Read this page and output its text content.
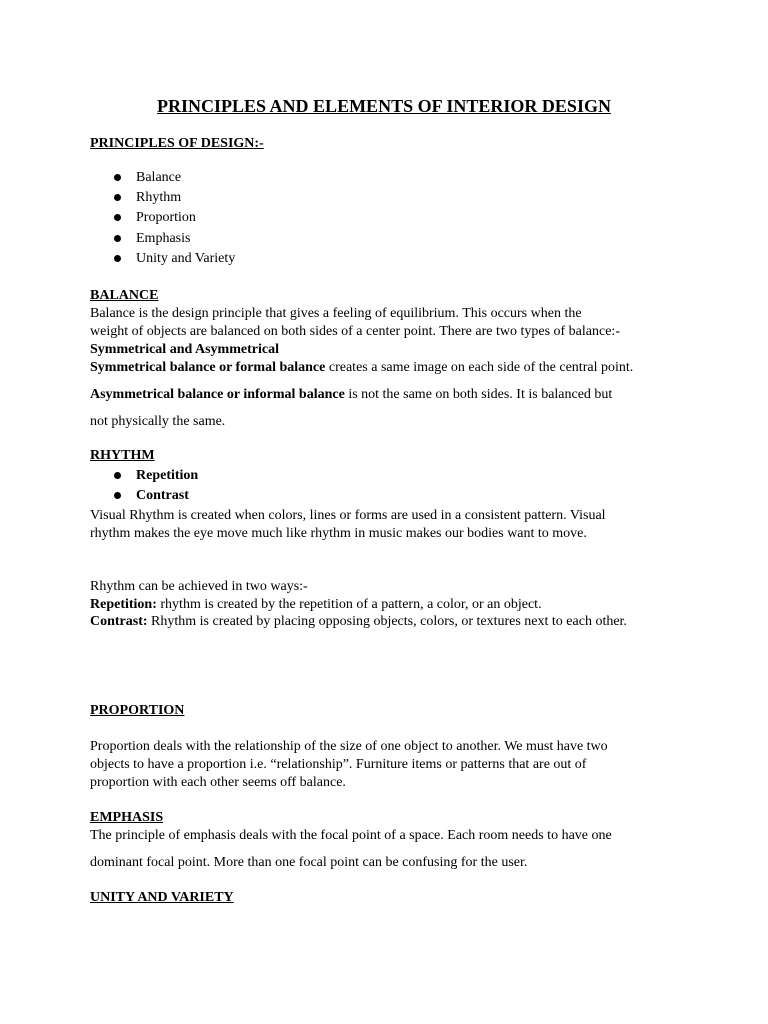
PRINCIPLES AND ELEMENTS OF INTERIOR DESIGN
PRINCIPLES OF DESIGN:-
Balance
Rhythm
Proportion
Emphasis
Unity and Variety
BALANCE
Balance is the design principle that gives a feeling of equilibrium. This occurs when the
weight of objects are balanced on both sides of a center point. There are two types of balance:-
Symmetrical and Asymmetrical
Symmetrical balance or formal balance creates a same image on each side of the central point.
Asymmetrical balance or informal balance is not the same on both sides. It is balanced but
not physically the same.
RHYTHM
Repetition
Contrast
Visual Rhythm is created when colors, lines or forms are used in a consistent pattern. Visual
rhythm makes the eye move much like rhythm in music makes our bodies want to move.
Rhythm can be achieved in two ways:-
Repetition: rhythm is created by the repetition of a pattern, a color, or an object.
Contrast: Rhythm is created by placing opposing objects, colors, or textures next to each other.
PROPORTION
Proportion deals with the relationship of the size of one object to another. We must have two
objects to have a proportion i.e. “relationship”. Furniture items or patterns that are out of
proportion with each other seems off balance.
EMPHASIS
The principle of emphasis deals with the focal point of a space. Each room needs to have one
dominant focal point. More than one focal point can be confusing for the user.
UNITY AND VARIETY
